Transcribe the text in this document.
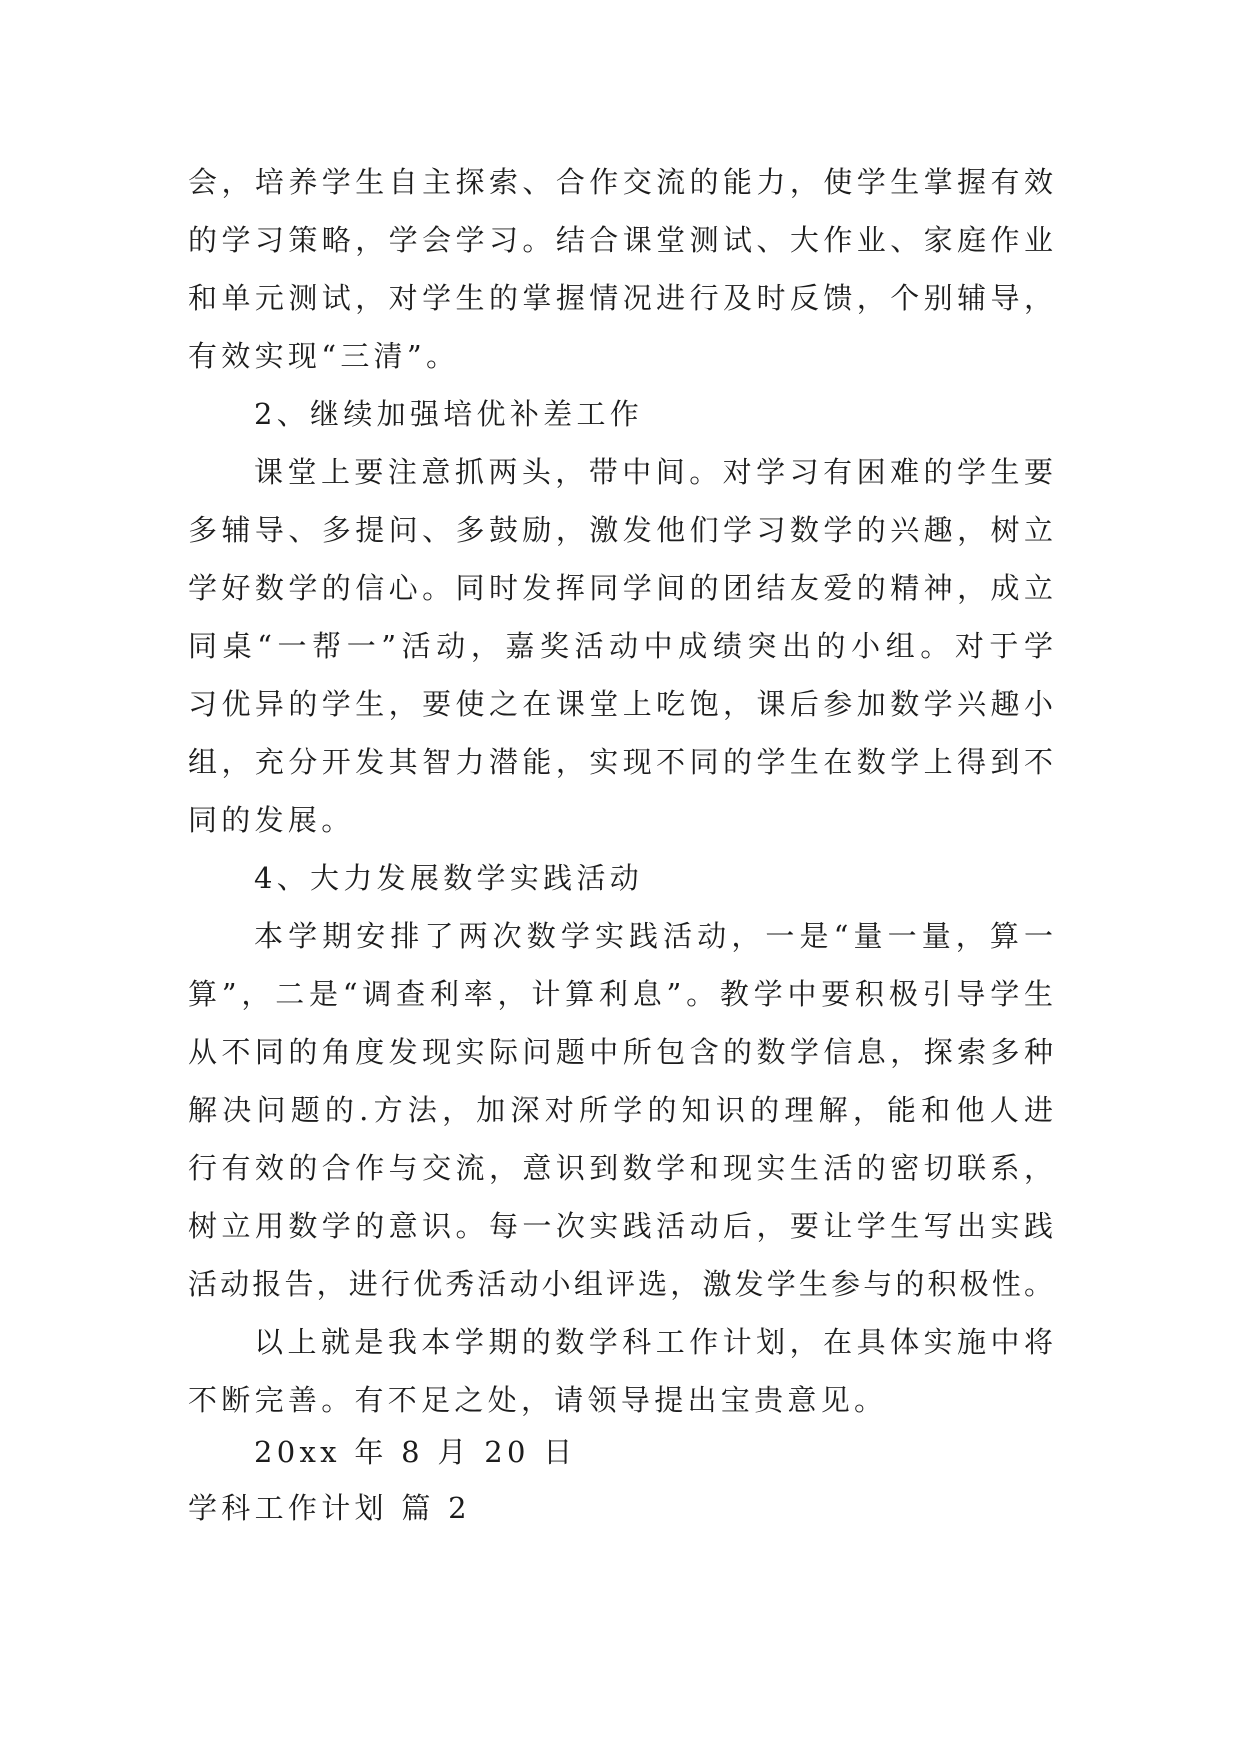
会，培养学生自主探索、合作交流的能力，使学生掌握有效
的学习策略，学会学习。结合课堂测试、大作业、家庭作业
和单元测试，对学生的掌握情况进行及时反馈，个别辅导，
有效实现“三清”。
2、继续加强培优补差工作
课堂上要注意抓两头，带中间。对学习有困难的学生要
多辅导、多提问、多鼓励，激发他们学习数学的兴趣，树立
学好数学的信心。同时发挥同学间的团结友爱的精神，成立
同桌“一帮一”活动，嘉奖活动中成绩突出的小组。对于学
习优异的学生，要使之在课堂上吃饱，课后参加数学兴趣小
组，充分开发其智力潜能，实现不同的学生在数学上得到不
同的发展。
4、大力发展数学实践活动
本学期安排了两次数学实践活动，一是“量一量，算一
算”，二是“调查利率，计算利息”。教学中要积极引导学生
从不同的角度发现实际问题中所包含的数学信息，探索多种
解决问题的.方法，加深对所学的知识的理解，能和他人进
行有效的合作与交流，意识到数学和现实生活的密切联系，
树立用数学的意识。每一次实践活动后，要让学生写出实践
活动报告，进行优秀活动小组评选，激发学生参与的积极性。
以上就是我本学期的数学科工作计划，在具体实施中将
不断完善。有不足之处，请领导提出宝贵意见。
20xx 年 8 月 20 日
学科工作计划 篇 2
